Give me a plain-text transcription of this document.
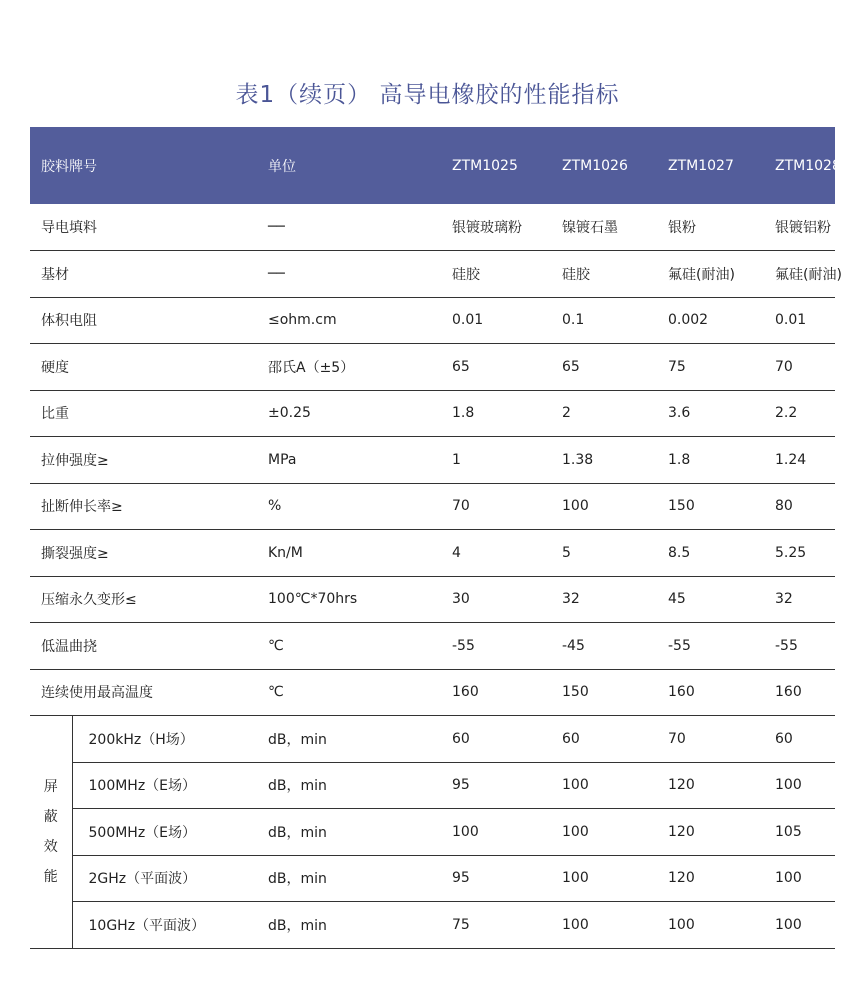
表1（续页） 高导电橡胶的性能指标
胶料牌号		单位	ZTM1025	ZTM1026	ZTM1027	ZTM1028
导电填料		──	银镀玻璃粉	镍镀石墨	银粉	银镀铝粉
基材		──	硅胶	硅胶	氟硅(耐油)	氟硅(耐油)
体积电阻		≤ohm.cm	0.01	0.1	0.002	0.01
硬度		邵氏A（±5）	65	65	75	70
比重		±0.25	1.8	2	3.6	2.2
拉伸强度≥		MPa	1	1.38	1.8	1.24
扯断伸长率≥		%	70	100	150	80
撕裂强度≥		Kn/M	4	5	8.5	5.25
压缩永久变形≤		100℃*70hrs	30	32	45	32
低温曲挠		℃	-55	-45	-55	-55
连续使用最高温度		℃	160	150	160	160

屏
蔽
效
能	200kHz（H场）	dB，min	60	60	70	60
	100MHz（E场）	dB，min	95	100	120	100
	500MHz（E场）	dB，min	100	100	120	105
	2GHz（平面波）	dB，min	95	100	120	100
	10GHz（平面波）	dB，min	75	100	100	100
